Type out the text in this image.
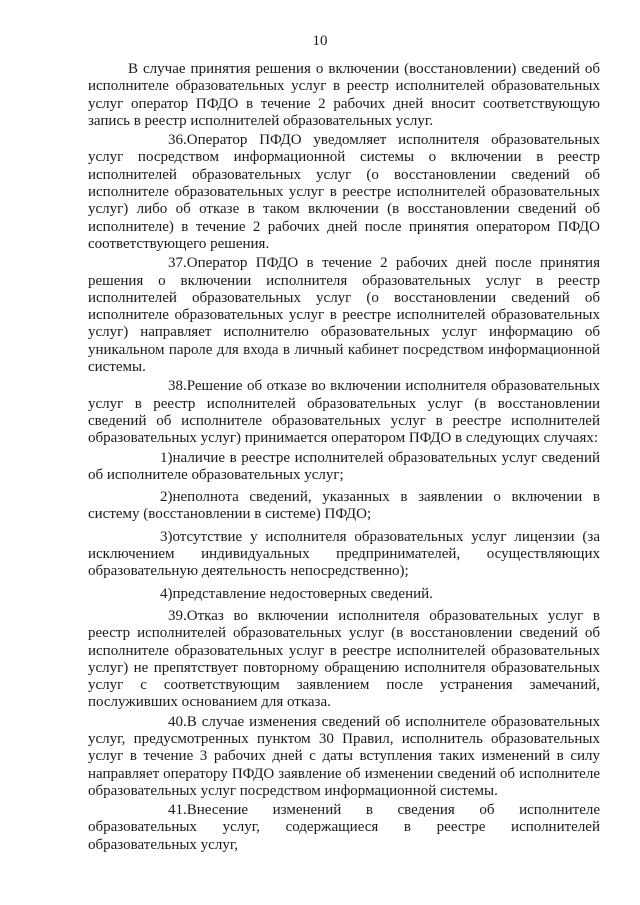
10

В случае принятия решения о включении (восстановлении) сведений об исполнителе образовательных услуг в реестр исполнителей образовательных услуг оператор ПФДО в течение 2 рабочих дней вносит соответствующую запись в реестр исполнителей образовательных услуг.

36.Оператор ПФДО уведомляет исполнителя образовательных услуг посредством информационной системы о включении в реестр исполнителей образовательных услуг (о восстановлении сведений об исполнителе образовательных услуг в реестре исполнителей образовательных услуг) либо об отказе в таком включении (в восстановлении сведений об исполнителе) в течение 2 рабочих дней после принятия оператором ПФДО соответствующего решения.

37.Оператор ПФДО в течение 2 рабочих дней после принятия решения о включении исполнителя образовательных услуг в реестр исполнителей образовательных услуг (о восстановлении сведений об исполнителе образовательных услуг в реестре исполнителей образовательных услуг) направляет исполнителю образовательных услуг информацию об уникальном пароле для входа в личный кабинет посредством информационной системы.

38.Решение об отказе во включении исполнителя образовательных услуг в реестр исполнителей образовательных услуг (в восстановлении сведений об исполнителе образовательных услуг в реестре исполнителей образовательных услуг) принимается оператором ПФДО в следующих случаях:

1)наличие в реестре исполнителей образовательных услуг сведений об исполнителе образовательных услуг;

2)неполнота сведений, указанных в заявлении о включении в систему (восстановлении в системе) ПФДО;

3)отсутствие у исполнителя образовательных услуг лицензии (за исключением индивидуальных предпринимателей, осуществляющих образовательную деятельность непосредственно);

4)представление недостоверных сведений.

39.Отказ во включении исполнителя образовательных услуг в реестр исполнителей образовательных услуг (в восстановлении сведений об исполнителе образовательных услуг в реестре исполнителей образовательных услуг) не препятствует повторному обращению исполнителя образовательных услуг с соответствующим заявлением после устранения замечаний, послуживших основанием для отказа.

40.В случае изменения сведений об исполнителе образовательных услуг, предусмотренных пунктом 30 Правил, исполнитель образовательных услуг в течение 3 рабочих дней с даты вступления таких изменений в силу направляет оператору ПФДО заявление об изменении сведений об исполнителе образовательных услуг посредством информационной системы.

41.Внесение изменений в сведения об исполнителе образовательных услуг, содержащиеся в реестре исполнителей образовательных услуг,
